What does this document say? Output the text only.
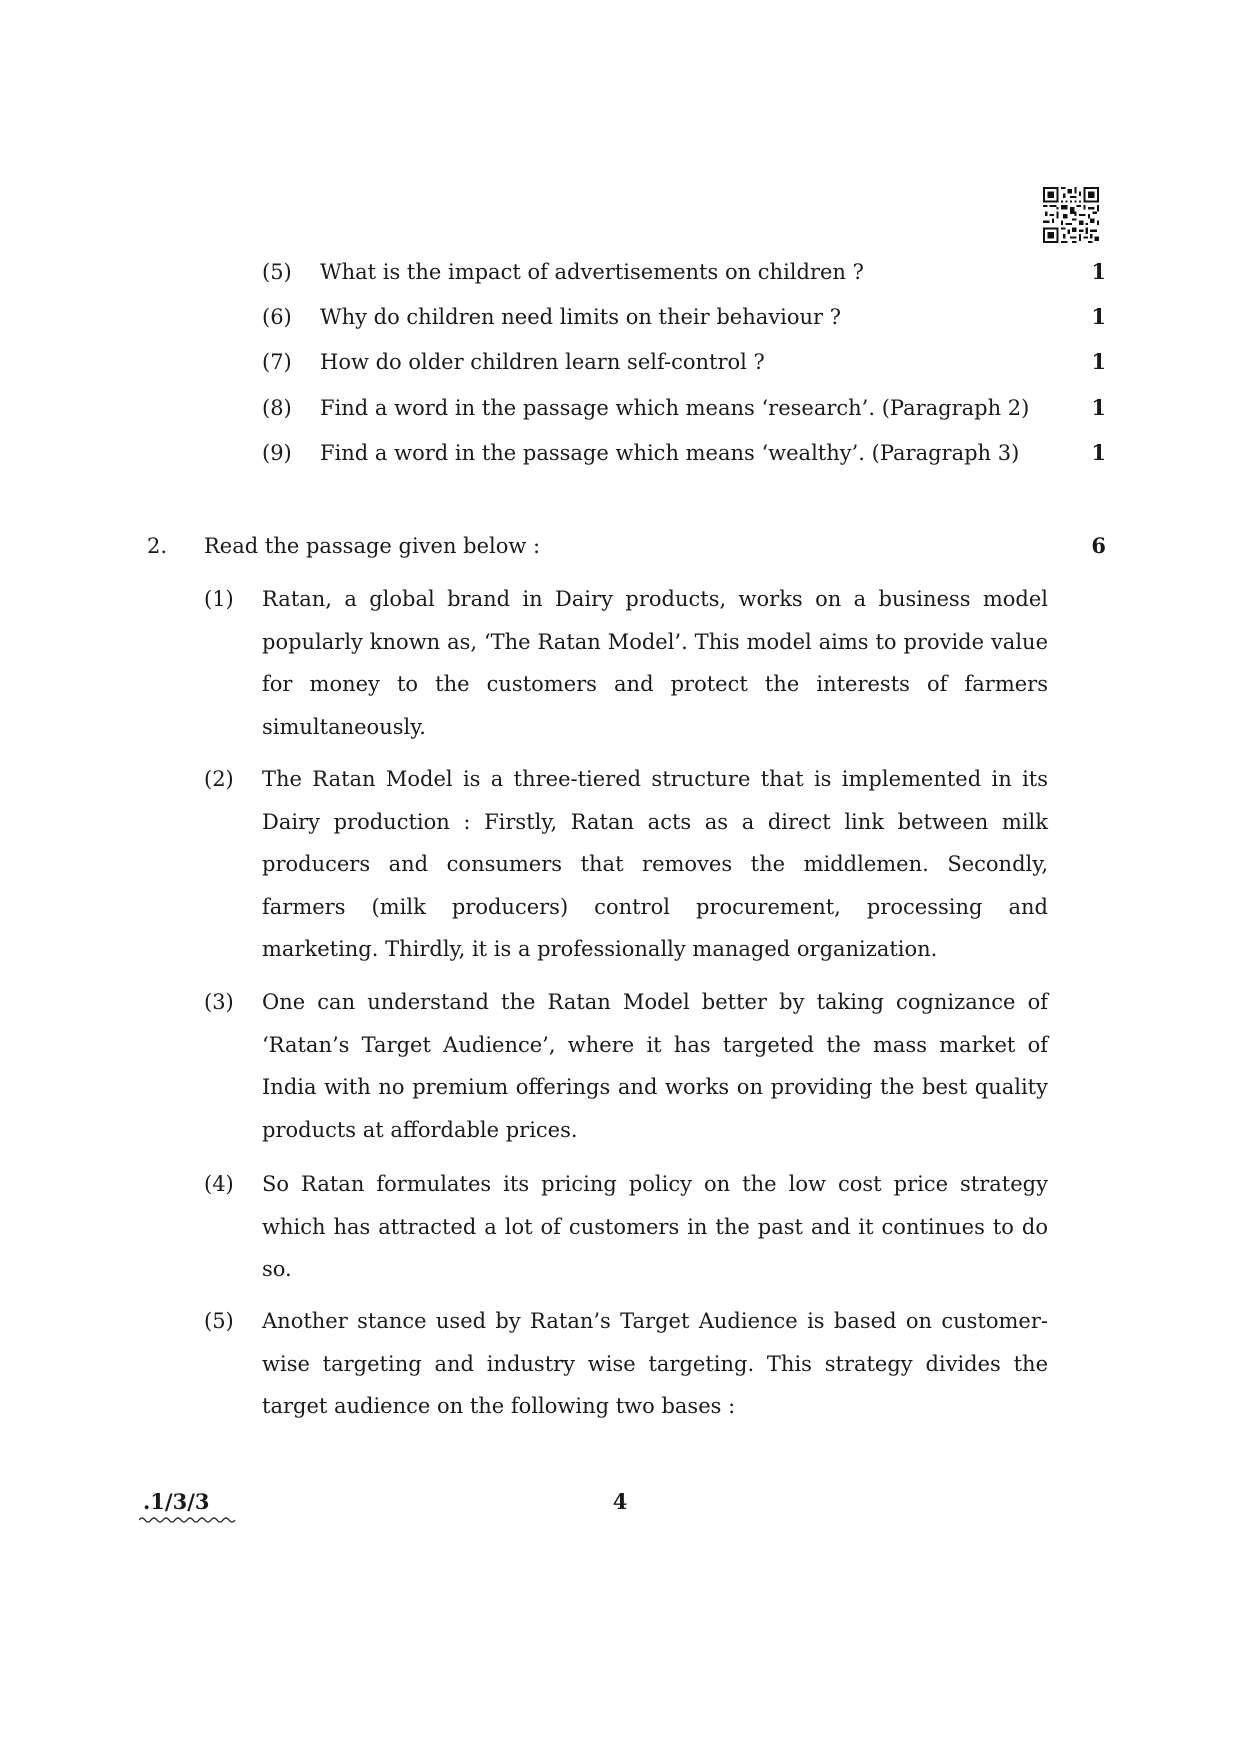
(5) What is the impact of advertisements on children ?	1
(6) Why do children need limits on their behaviour ?	1
(7) How do older children learn self-control ?	1
(8) Find a word in the passage which means ‘research’. (Paragraph 2)	1
(9) Find a word in the passage which means ‘wealthy’. (Paragraph 3)	1
2. Read the passage given below :	6
(1) Ratan, a global brand in Dairy products, works on a business model popularly known as, ‘The Ratan Model’. This model aims to provide value for money to the customers and protect the interests of farmers simultaneously.
(2) The Ratan Model is a three-tiered structure that is implemented in its Dairy production : Firstly, Ratan acts as a direct link between milk producers and consumers that removes the middlemen. Secondly, farmers (milk producers) control procurement, processing and marketing. Thirdly, it is a professionally managed organization.
(3) One can understand the Ratan Model better by taking cognizance of ‘Ratan’s Target Audience’, where it has targeted the mass market of India with no premium offerings and works on providing the best quality products at affordable prices.
(4) So Ratan formulates its pricing policy on the low cost price strategy which has attracted a lot of customers in the past and it continues to do so.
(5) Another stance used by Ratan’s Target Audience is based on customer-wise targeting and industry wise targeting. This strategy divides the target audience on the following two bases :
.1/3/3	4
